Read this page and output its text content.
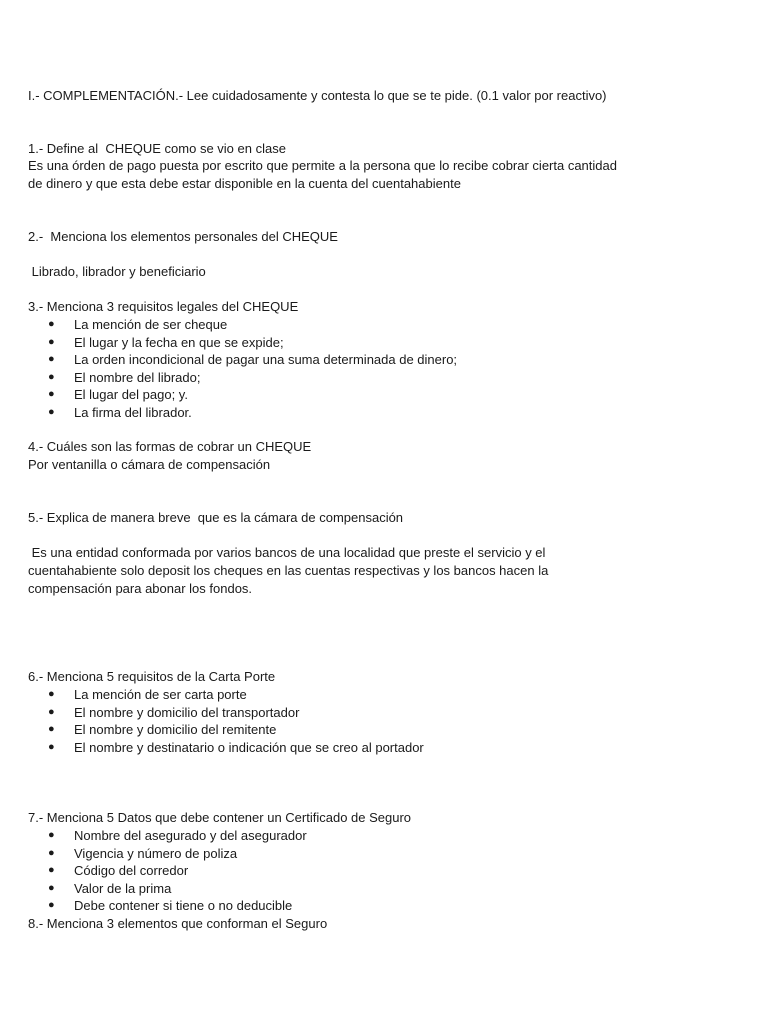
I.- COMPLEMENTACIÓN.- Lee cuidadosamente y contesta lo que se te pide. (0.1 valor por reactivo)
1.- Define al  CHEQUE como se vio en clase
Es una órden de pago puesta por escrito que permite a la persona que lo recibe cobrar cierta cantidad
de dinero y que esta debe estar disponible en la cuenta del cuentahabiente
2.-  Menciona los elementos personales del CHEQUE
Librado, librador y beneficiario
3.- Menciona 3 requisitos legales del CHEQUE
● La mención de ser cheque
● El lugar y la fecha en que se expide;
● La orden incondicional de pagar una suma determinada de dinero;
● El nombre del librado;
● El lugar del pago; y.
● La firma del librador.
4.- Cuáles son las formas de cobrar un CHEQUE
Por ventanilla o cámara de compensación
5.- Explica de manera breve  que es la cámara de compensación
Es una entidad conformada por varios bancos de una localidad que preste el servicio y el
cuentahabiente solo deposit los cheques en las cuentas respectivas y los bancos hacen la
compensación para abonar los fondos.
6.- Menciona 5 requisitos de la Carta Porte
● La mención de ser carta porte
● El nombre y domicilio del transportador
● El nombre y domicilio del remitente
● El nombre y destinatario o indicación que se creo al portador
7.- Menciona 5 Datos que debe contener un Certificado de Seguro
● Nombre del asegurado y del asegurador
● Vigencia y número de poliza
● Código del corredor
● Valor de la prima
● Debe contener si tiene o no deducible
8.- Menciona 3 elementos que conforman el Seguro
